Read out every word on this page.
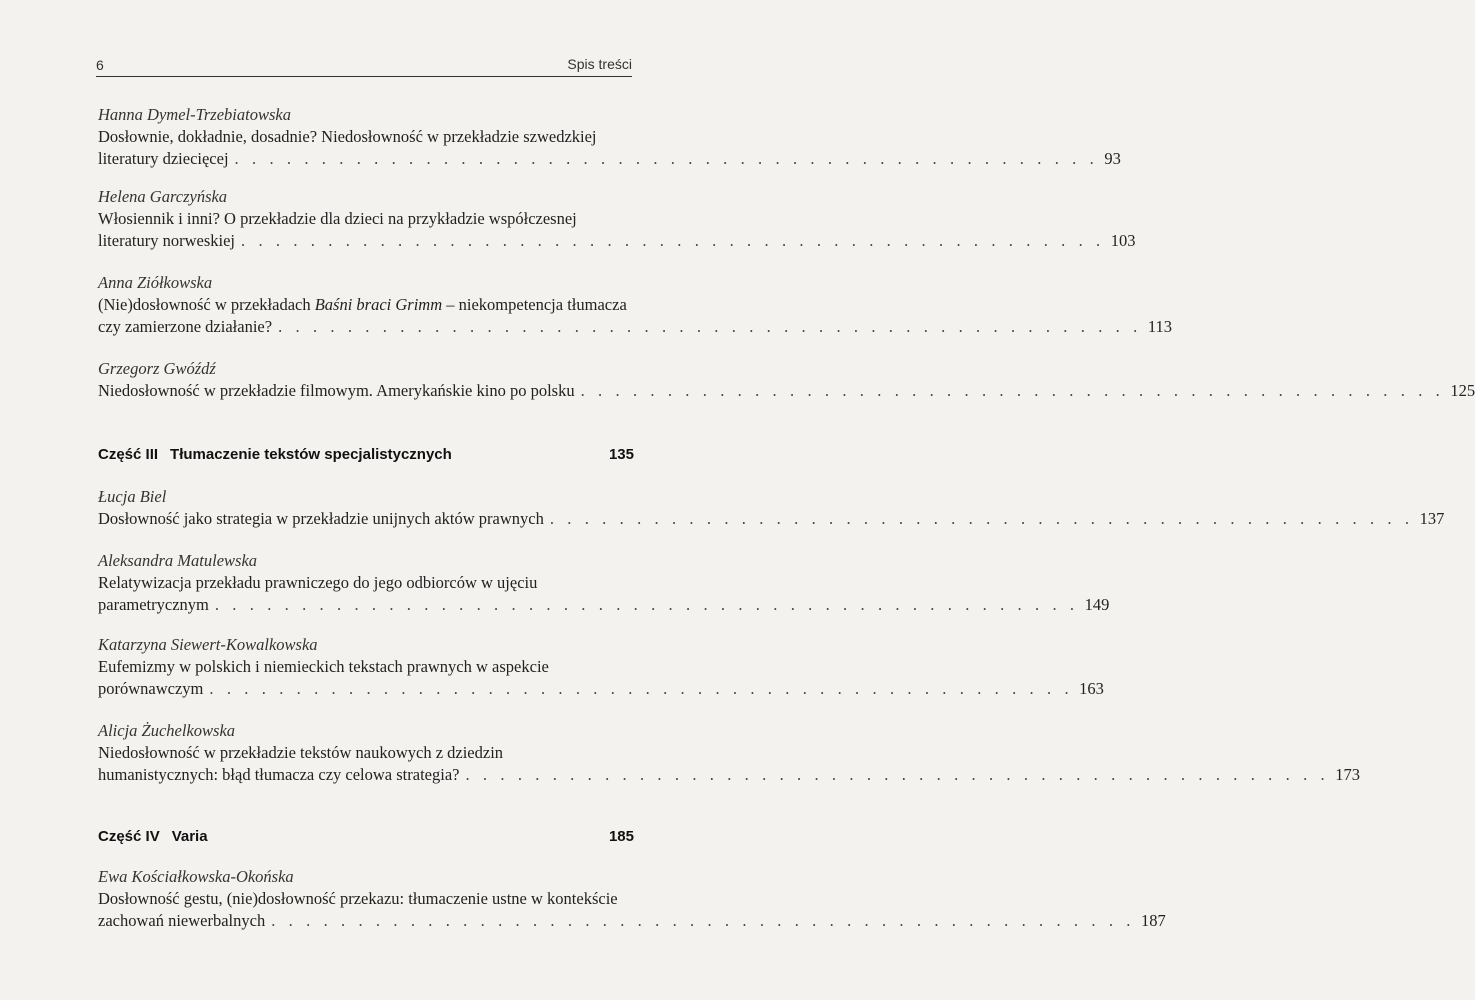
6	Spis treści
Hanna Dymel-Trzebiatowska
Dosłownie, dokładnie, dosadnie? Niedosłowność w przekładzie szwedzkiej
literatury dziecięcej . . . . . . . . . . . . . . . . . . . . . . . . . . . . . . . . . . . . . . . . . . . . . . . . . . 93
Helena Garczyńska
Włosiennik i inni? O przekładzie dla dzieci na przykładzie współczesnej
literatury norweskiej . . . . . . . . . . . . . . . . . . . . . . . . . . . . . . . . . . . . . . . . . . . . . . . . . . 103
Anna Ziółkowska
(Nie)dosłowność w przekładach Baśni braci Grimm – niekompetencja tłumacza
czy zamierzone działanie? . . . . . . . . . . . . . . . . . . . . . . . . . . . . . . . . . . . . . . . . . . . . . . . . . . 113
Grzegorz Gwóźdź
Niedosłowność w przekładzie filmowym. Amerykańskie kino po polsku . . . . . . . . . . . . . . . . . . . . . . . . . . . . . . . . . . . . . . . . . . . . . . . . . . 125
Część III Tłumaczenie tekstów specjalistycznych	135
Łucja Biel
Dosłowność jako strategia w przekładzie unijnych aktów prawnych . . . . . . . . . . . . . . . . . . . . . . . . . . . . . . . . . . . . . . . . . . . . . . . . . . 137
Aleksandra Matulewska
Relatywizacja przekładu prawniczego do jego odbiorców w ujęciu
parametrycznym . . . . . . . . . . . . . . . . . . . . . . . . . . . . . . . . . . . . . . . . . . . . . . . . . . 149
Katarzyna Siewert-Kowalkowska
Eufemizmy w polskich i niemieckich tekstach prawnych w aspekcie
porównawczym . . . . . . . . . . . . . . . . . . . . . . . . . . . . . . . . . . . . . . . . . . . . . . . . . . 163
Alicja Żuchelkowska
Niedosłowność w przekładzie tekstów naukowych z dziedzin
humanistycznych: błąd tłumacza czy celowa strategia? . . . . . . . . . . . . . . . . . . . . . . . . . . . . . . . . . . . . . . . . . . . . . . . . . . 173
Część IV Varia	185
Ewa Kościałkowska-Okońska
Dosłowność gestu, (nie)dosłowność przekazu: tłumaczenie ustne w kontekście
zachowań niewerbalnych . . . . . . . . . . . . . . . . . . . . . . . . . . . . . . . . . . . . . . . . . . . . . . . . . . 187
